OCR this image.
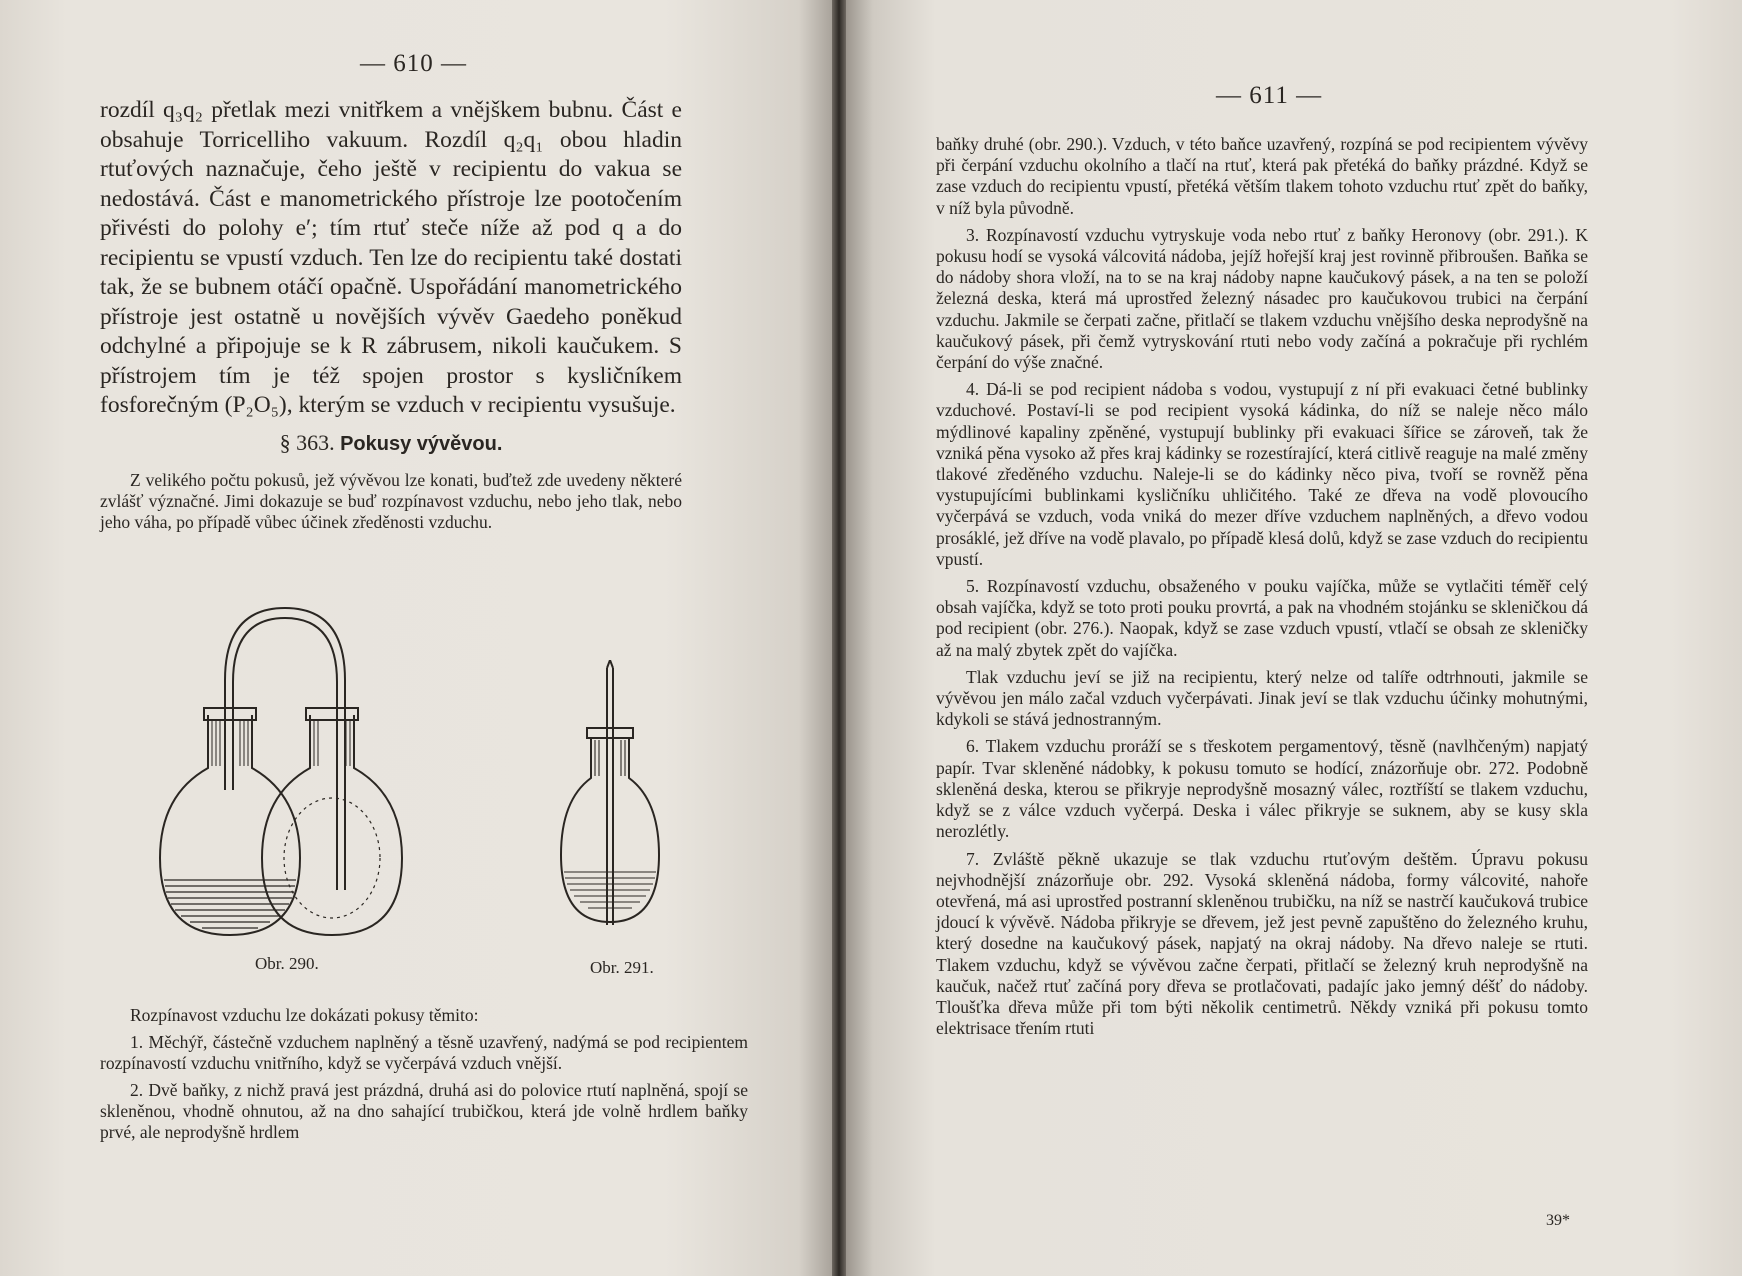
— 610 —

rozdíl q₃q₂ přetlak mezi vnitřkem a vnějškem bubnu. Část e obsahuje Torricelliho vakuum. Rozdíl q₂q₁ obou hladin rtuťových naznačuje, čeho ještě v recipientu do vakua se nedostává. Část e manometrického přístroje lze pootočením přivésti do polohy e′; tím rtuť steče níže až pod q a do recipientu se vpustí vzduch. Ten lze do recipientu také dostati tak, že se bubnem otáčí opačně. Uspořádání manometrického přístroje jest ostatně u novějších vývěv Gaedeho poněkud odchylné a připojuje se k R zábrusem, nikoli kaučukem. S přístrojem tím je též spojen prostor s kysličníkem fosforečným (P₂O₅), kterým se vzduch v recipientu vysušuje.

§ 363. Pokusy vývěvou.

Z velikého počtu pokusů, jež vývěvou lze konati, buďtež zde uvedeny některé zvlášť význačné. Jimi dokazuje se buď rozpínavost vzduchu, nebo jeho tlak, nebo jeho váha, po případě vůbec účinek zředěnosti vzduchu.

Obr. 290.	Obr. 291.

Rozpínavost vzduchu lze dokázati pokusy těmito:

1. Měchýř, částečně vzduchem naplněný a těsně uzavřený, nadýmá se pod recipientem rozpínavostí vzduchu vnitřního, když se vyčerpává vzduch vnější.

2. Dvě baňky, z nichž pravá jest prázdná, druhá asi do polovice rtutí naplněná, spojí se skleněnou, vhodně ohnutou, až na dno sahající trubičkou, která jde volně hrdlem baňky prvé, ale neprodyšně hrdlem

— 611 —

baňky druhé (obr. 290.). Vzduch, v této baňce uzavřený, rozpíná se pod recipientem vývěvy při čerpání vzduchu okolního a tlačí na rtuť, která pak přetéká do baňky prázdné. Když se zase vzduch do recipientu vpustí, přetéká větším tlakem tohoto vzduchu rtuť zpět do baňky, v níž byla původně.

3. Rozpínavostí vzduchu vytryskuje voda nebo rtuť z baňky Heronovy (obr. 291.). K pokusu hodí se vysoká válcovitá nádoba, jejíž hořejší kraj jest rovinně přibroušen. Baňka se do nádoby shora vloží, na to se na kraj nádoby napne kaučukový pásek, a na ten se položí železná deska, která má uprostřed železný násadec pro kaučukovou trubici na čerpání vzduchu. Jakmile se čerpati začne, přitlačí se tlakem vzduchu vnějšího deska neprodyšně na kaučukový pásek, při čemž vytryskování rtuti nebo vody začíná a pokračuje při rychlém čerpání do výše značné.

4. Dá-li se pod recipient nádoba s vodou, vystupují z ní při evakuaci četné bublinky vzduchové. Postaví-li se pod recipient vysoká kádinka, do níž se naleje něco málo mýdlinové kapaliny zpěněné, vystupují bublinky při evakuaci šířice se zároveň, tak že vzniká pěna vysoko až přes kraj kádinky se rozestírající, která citlivě reaguje na malé změny tlakové zředěného vzduchu. Naleje-li se do kádinky něco piva, tvoří se rovněž pěna vystupujícími bublinkami kysličníku uhličitého. Také ze dřeva na vodě plovoucího vyčerpává se vzduch, voda vniká do mezer dříve vzduchem naplněných, a dřevo vodou prosáklé, jež dříve na vodě plavalo, po případě klesá dolů, když se zase vzduch do recipientu vpustí.

5. Rozpínavostí vzduchu, obsaženého v pouku vajíčka, může se vytlačiti téměř celý obsah vajíčka, když se toto proti pouku provrtá, a pak na vhodném stojánku se skleničkou dá pod recipient (obr. 276.). Naopak, když se zase vzduch vpustí, vtlačí se obsah ze skleničky až na malý zbytek zpět do vajíčka.

Tlak vzduchu jeví se již na recipientu, který nelze od talíře odtrhnouti, jakmile se vývěvou jen málo začal vzduch vyčerpávati. Jinak jeví se tlak vzduchu účinky mohutnými, kdykoli se stává jednostranným.

6. Tlakem vzduchu proráží se s třeskotem pergamentový, těsně (navlhčeným) napjatý papír. Tvar skleněné nádobky, k pokusu tomuto se hodící, znázorňuje obr. 272. Podobně skleněná deska, kterou se přikryje neprodyšně mosazný válec, roztříští se tlakem vzduchu, když se z válce vzduch vyčerpá. Deska i válec přikryje se suknem, aby se kusy skla nerozlétly.

7. Zvláště pěkně ukazuje se tlak vzduchu rtuťovým deštěm. Úpravu pokusu nejvhodnější znázorňuje obr. 292. Vysoká skleněná nádoba, formy válcovité, nahoře otevřená, má asi uprostřed postranní skleněnou trubičku, na níž se nastrčí kaučuková trubice jdoucí k vývěvě. Nádoba přikryje se dřevem, jež jest pevně zapuštěno do železného kruhu, který dosedne na kaučukový pásek, napjatý na okraj nádoby. Na dřevo naleje se rtuti. Tlakem vzduchu, když se vývěvou začne čerpati, přitlačí se železný kruh neprodyšně na kaučuk, načež rtuť začíná pory dřeva se protlačovati, padajíc jako jemný déšť do nádoby. Tloušťka dřeva může při tom býti několik centimetrů. Někdy vzniká při pokusu tomto elektrisace třením rtuti

39*
